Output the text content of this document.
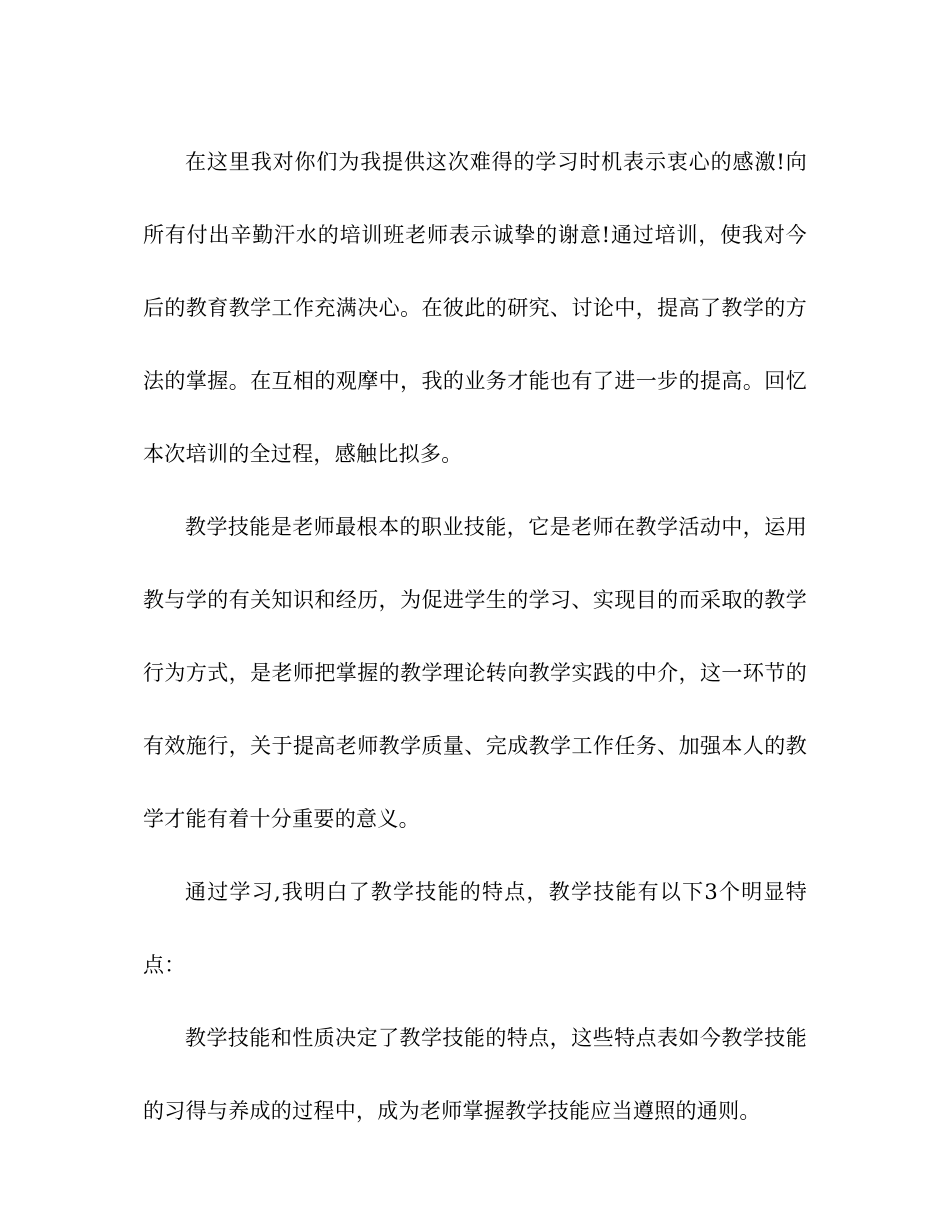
在这里我对你们为我提供这次难得的学习时机表示衷心的感激!向所有付出辛勤汗水的培训班老师表示诚挚的谢意!通过培训，使我对今后的教育教学工作充满决心。在彼此的研究、讨论中，提高了教学的方法的掌握。在互相的观摩中，我的业务才能也有了进一步的提高。回忆本次培训的全过程，感触比拟多。

教学技能是老师最根本的职业技能，它是老师在教学活动中，运用教与学的有关知识和经历，为促进学生的学习、实现目的而采取的教学行为方式，是老师把掌握的教学理论转向教学实践的中介，这一环节的有效施行，关于提高老师教学质量、完成教学工作任务、加强本人的教学才能有着十分重要的意义。

通过学习,我明白了教学技能的特点，教学技能有以下3个明显特点：

教学技能和性质决定了教学技能的特点，这些特点表如今教学技能的习得与养成的过程中，成为老师掌握教学技能应当遵照的通则。
